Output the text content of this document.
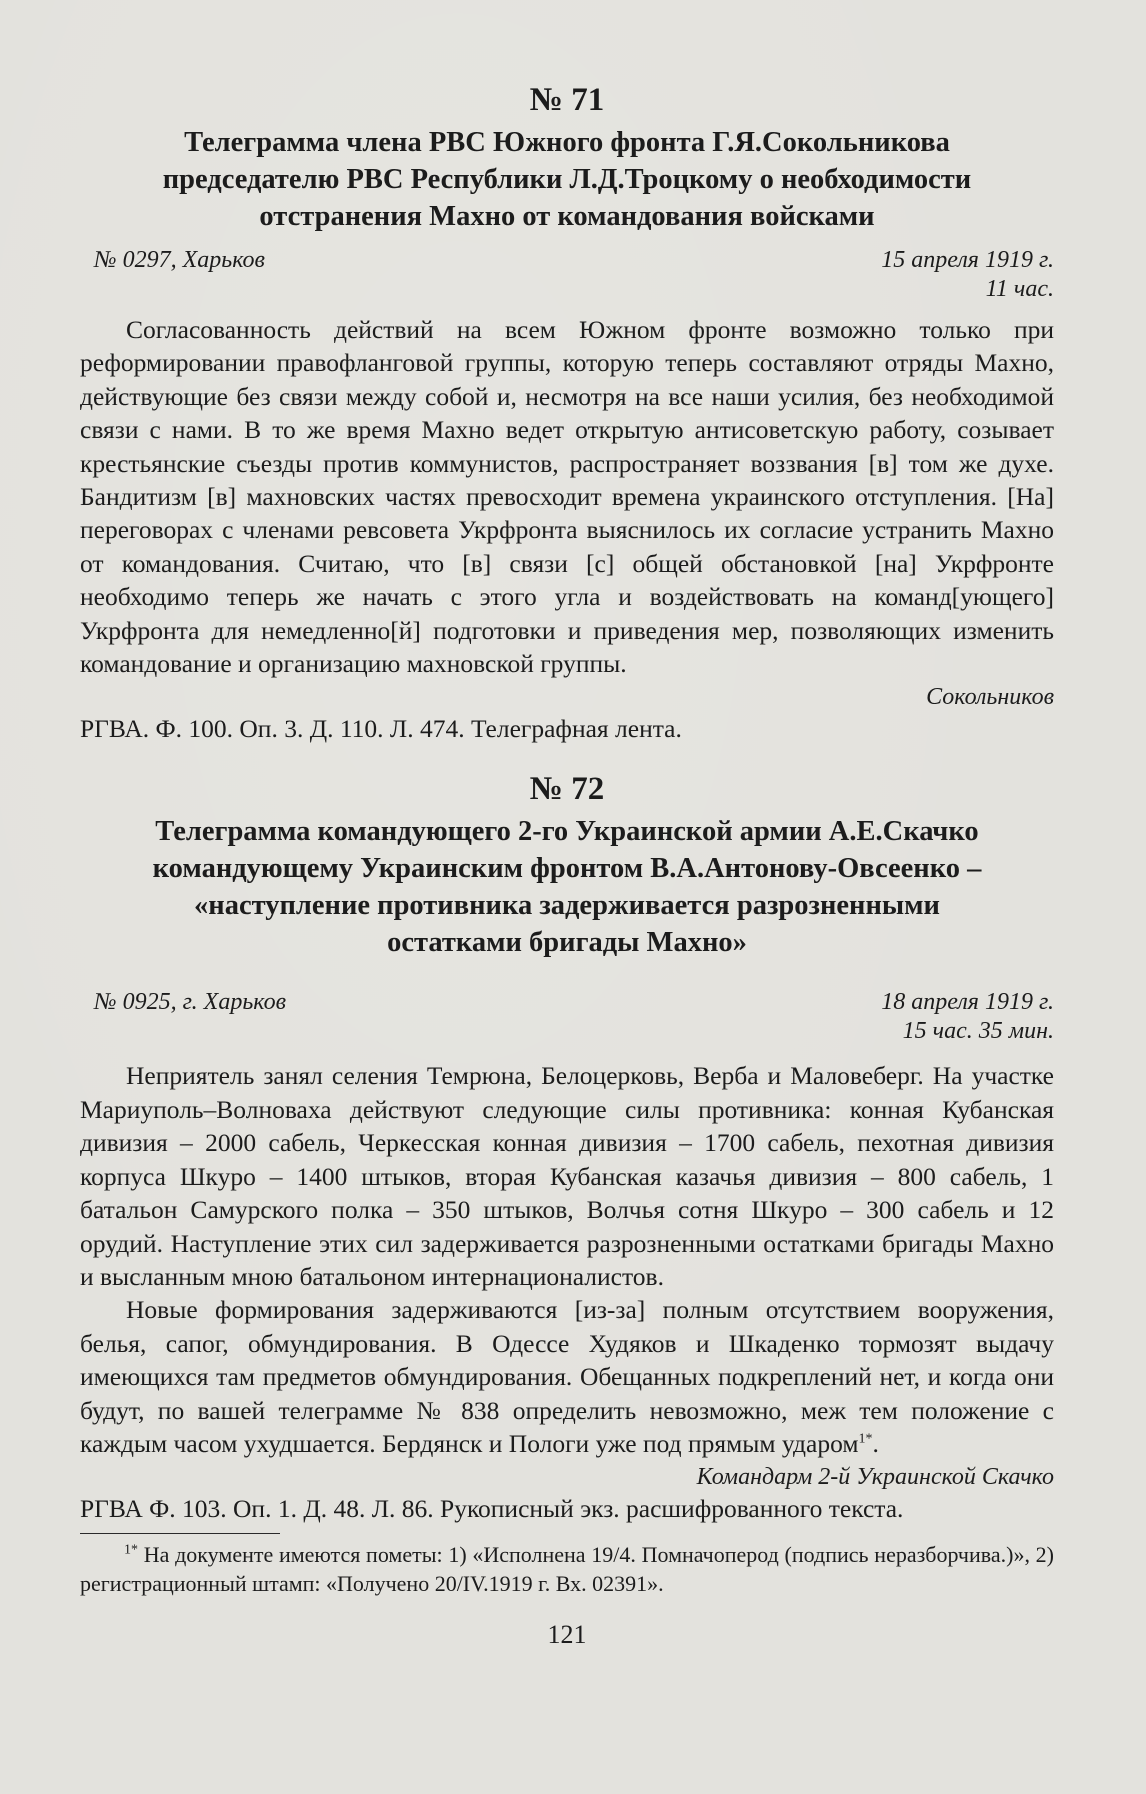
№ 71
Телеграмма члена РВС Южного фронта Г.Я.Сокольникова
председателю РВС Республики Л.Д.Троцкому о необходимости
отстранения Махно от командования войсками
№ 0297, Харьков	15 апреля 1919 г.
11 час.

Согласованность действий на всем Южном фронте возможно только при реформировании правофланговой группы, которую теперь составляют отряды Махно, действующие без связи между собой и, несмотря на все наши усилия, без необходимой связи с нами. В то же время Махно ведет открытую антисоветскую работу, созывает крестьянские съезды против коммунистов, распространяет воззвания [в] том же духе. Бандитизм [в] махновских частях превосходит времена украинского отступления. [На] переговорах с членами ревсовета Укрфронта выяснилось их согласие устранить Махно от командования. Считаю, что [в] связи [с] общей обстановкой [на] Укрфронте необходимо теперь же начать с этого угла и воздействовать на команд[ующего] Укрфронта для немедленно[й] подготовки и приведения мер, позволяющих изменить командование и организацию махновской группы.

Сокольников

РГВА. Ф. 100. Оп. 3. Д. 110. Л. 474. Телеграфная лента.

№ 72
Телеграмма командующего 2-го Украинской армии А.Е.Скачко
командующему Украинским фронтом В.А.Антонову-Овсеенко –
«наступление противника задерживается разрозненными
остатками бригады Махно»
№ 0925, г. Харьков	18 апреля 1919 г.
15 час. 35 мин.

Неприятель занял селения Темрюна, Белоцерковь, Верба и Маловеберг. На участке Мариуполь–Волноваха действуют следующие силы противника: конная Кубанская дивизия – 2000 сабель, Черкесская конная дивизия – 1700 сабель, пехотная дивизия корпуса Шкуро – 1400 штыков, вторая Кубанская казачья дивизия – 800 сабель, 1 батальон Самурского полка – 350 штыков, Волчья сотня Шкуро – 300 сабель и 12 орудий. Наступление этих сил задерживается разрозненными остатками бригады Махно и высланным мною батальоном интернационалистов.

Новые формирования задерживаются [из-за] полным отсутствием вооружения, белья, сапог, обмундирования. В Одессе Худяков и Шкаденко тормозят выдачу имеющихся там предметов обмундирования. Обещанных подкреплений нет, и когда они будут, по вашей телеграмме № 838 определить невозможно, меж тем положение с каждым часом ухудшается. Бердянск и Пологи уже под прямым ударом$^{1*}$.

Командарм 2-й Украинской Скачко

РГВА Ф. 103. Оп. 1. Д. 48. Л. 86. Рукописный экз. расшифрованного текста.

$^{1*}$ На документе имеются пометы: 1) «Исполнена 19/4. Помначоперод (подпись неразборчива.)», 2) регистрационный штамп: «Получено 20/IV.1919 г. Вх. 02391».

121
